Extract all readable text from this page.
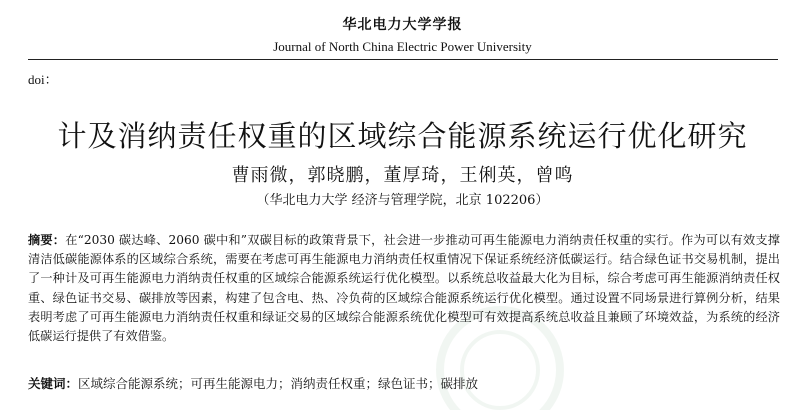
华北电力大学学报
Journal of North China Electric Power University
doi：
计及消纳责任权重的区域综合能源系统运行优化研究
曹雨微，郭晓鹏，董厚琦，王俐英，曾鸣
（华北电力大学 经济与管理学院，北京 102206）

摘要：在“2030 碳达峰、2060 碳中和”双碳目标的政策背景下，社会进一步推动可再生能源电力消纳责任权重的实行。作为可以有效支撑清洁低碳能源体系的区域综合系统，需要在考虑可再生能源电力消纳责任权重情况下保证系统经济低碳运行。结合绿色证书交易机制，提出了一种计及可再生能源电力消纳责任权重的区域综合能源系统运行优化模型。以系统总收益最大化为目标，综合考虑可再生能源消纳责任权重、绿色证书交易、碳排放等因素，构建了包含电、热、冷负荷的区域综合能源系统运行优化模型。通过设置不同场景进行算例分析，结果表明考虑了可再生能源电力消纳责任权重和绿证交易的区域综合能源系统优化模型可有效提高系统总收益且兼顾了环境效益，为系统的经济低碳运行提供了有效借鉴。

关键词：区域综合能源系统；可再生能源电力；消纳责任权重；绿色证书；碳排放
